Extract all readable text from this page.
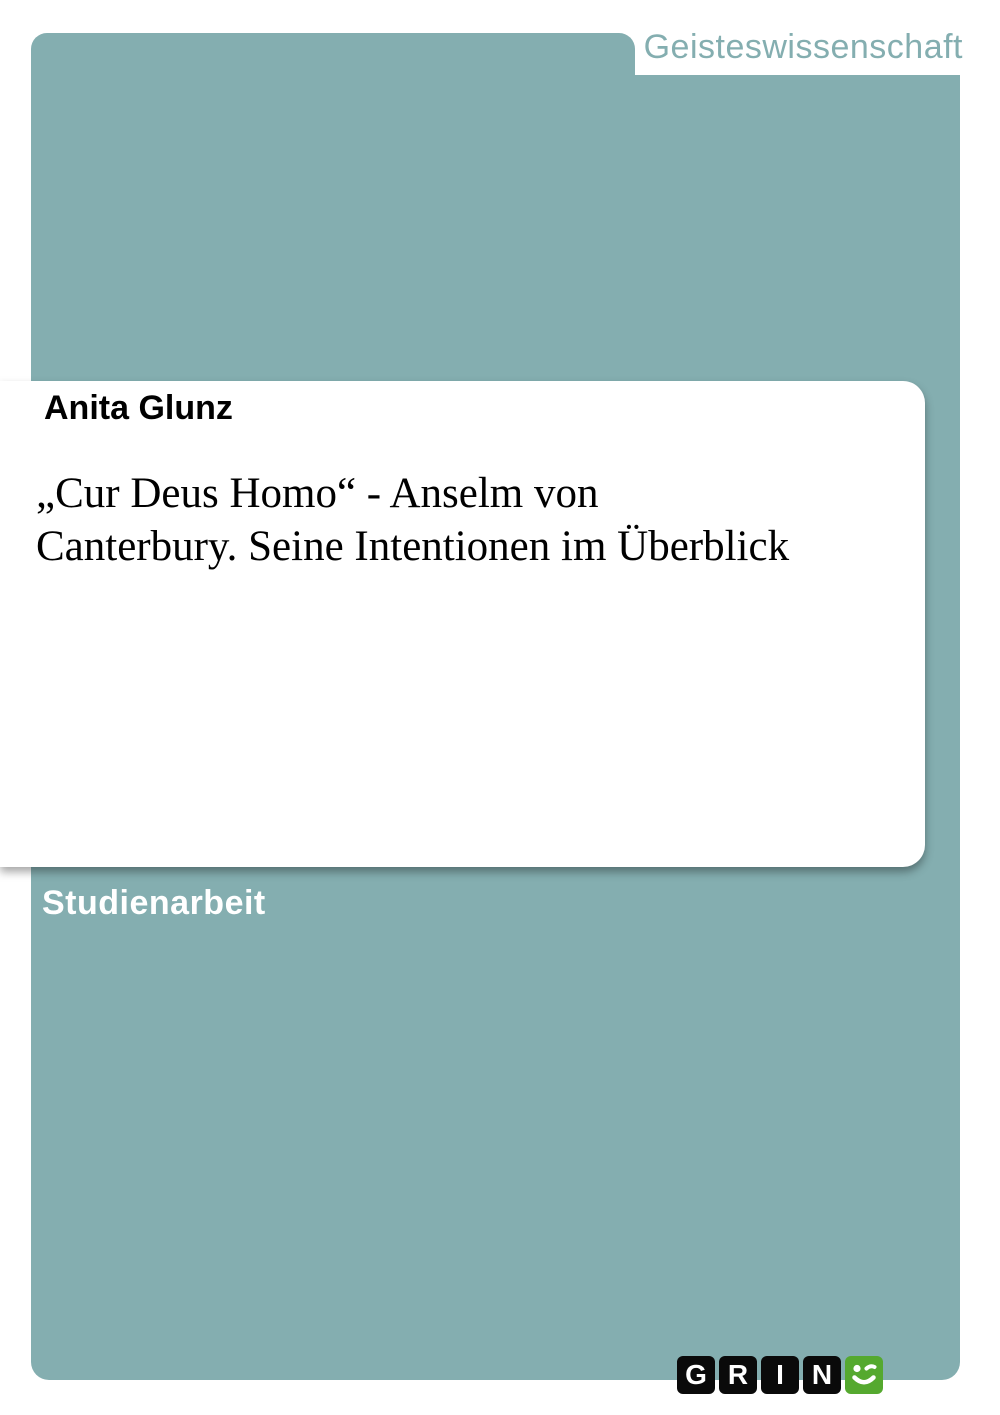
Geisteswissenschaft
Anita Glunz
„Cur Deus Homo“ - Anselm von
Canterbury. Seine Intentionen im Überblick
Studienarbeit
G R I N
